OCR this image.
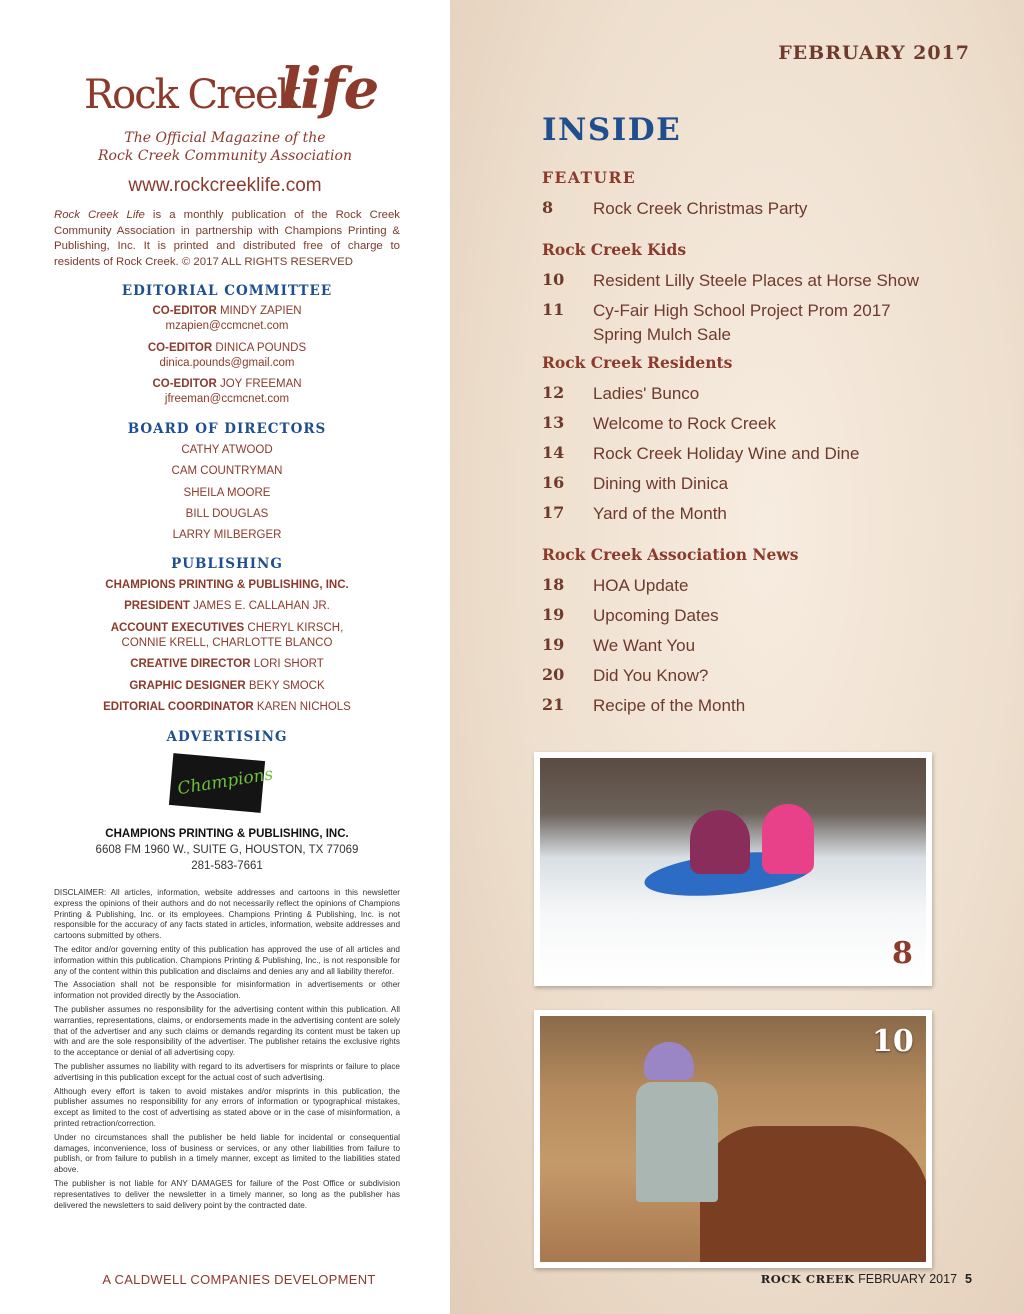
Rock Creek
life
The Official Magazine of the
Rock Creek Community Association
www.rockcreeklife.com
Rock Creek Life is a monthly publication of the Rock Creek Community Association in partnership with Champions Printing & Publishing, Inc. It is printed and distributed free of charge to residents of Rock Creek. © 2017 ALL RIGHTS RESERVED
EDITORIAL COMMITTEE
CO-EDITOR MINDY ZAPIEN
mzapien@ccmcnet.com
CO-EDITOR DINICA POUNDS
dinica.pounds@gmail.com
CO-EDITOR JOY FREEMAN
jfreeman@ccmcnet.com
BOARD OF DIRECTORS
CATHY ATWOOD
CAM COUNTRYMAN
SHEILA MOORE
BILL DOUGLAS
LARRY MILBERGER
PUBLISHING
CHAMPIONS PRINTING & PUBLISHING, INC.
PRESIDENT JAMES E. CALLAHAN JR.
ACCOUNT EXECUTIVES CHERYL KIRSCH,
CONNIE KRELL, CHARLOTTE BLANCO
CREATIVE DIRECTOR LORI SHORT
GRAPHIC DESIGNER BEKY SMOCK
EDITORIAL COORDINATOR KAREN NICHOLS
ADVERTISING
Champions
CHAMPIONS PRINTING & PUBLISHING, INC.
6608 FM 1960 W., SUITE G, HOUSTON, TX 77069
281-583-7661

DISCLAIMER: All articles, information, website addresses and cartoons in this newsletter express the opinions of their authors and do not necessarily reflect the opinions of Champions Printing & Publishing, Inc. or its employees. Champions Printing & Publishing, Inc. is not responsible for the accuracy of any facts stated in articles, information, website addresses and cartoons submitted by others.

The editor and/or governing entity of this publication has approved the use of all articles and information within this publication. Champions Printing & Publishing, Inc., is not responsible for any of the content within this publication and disclaims and denies any and all liability therefor.

The Association shall not be responsible for misinformation in advertisements or other information not provided directly by the Association.

The publisher assumes no responsibility for the advertising content within this publication. All warranties, representations, claims, or endorsements made in the advertising content are solely that of the advertiser and any such claims or demands regarding its content must be taken up with and are the sole responsibility of the advertiser. The publisher retains the exclusive rights to the acceptance or denial of all advertising copy.

The publisher assumes no liability with regard to its advertisers for misprints or failure to place advertising in this publication except for the actual cost of such advertising.

Although every effort is taken to avoid mistakes and/or misprints in this publication, the publisher assumes no responsibility for any errors of information or typographical mistakes, except as limited to the cost of advertising as stated above or in the case of misinformation, a printed retraction/correction.

Under no circumstances shall the publisher be held liable for incidental or consequential damages, inconvenience, loss of business or services, or any other liabilities from failure to publish, or from failure to publish in a timely manner, except as limited to the liabilities stated above.

The publisher is not liable for ANY DAMAGES for failure of the Post Office or subdivision representatives to deliver the newsletter in a timely manner, so long as the publisher has delivered the newsletters to said delivery point by the contracted date.

A CALDWELL COMPANIES DEVELOPMENT
FEBRUARY 2017
INSIDE
FEATURE
8	Rock Creek Christmas Party
Rock Creek Kids
10	Resident Lilly Steele Places at Horse Show
11	Cy-Fair High School Project Prom 2017
Spring Mulch Sale
Rock Creek Residents
12	Ladies' Bunco
13	Welcome to Rock Creek
14	Rock Creek Holiday Wine and Dine
16	Dining with Dinica
17	Yard of the Month
Rock Creek Association News
18	HOA Update
19	Upcoming Dates
19	We Want You
20	Did You Know?
21	Recipe of the Month
8
10
ROCK CREEK FEBRUARY 2017 5
